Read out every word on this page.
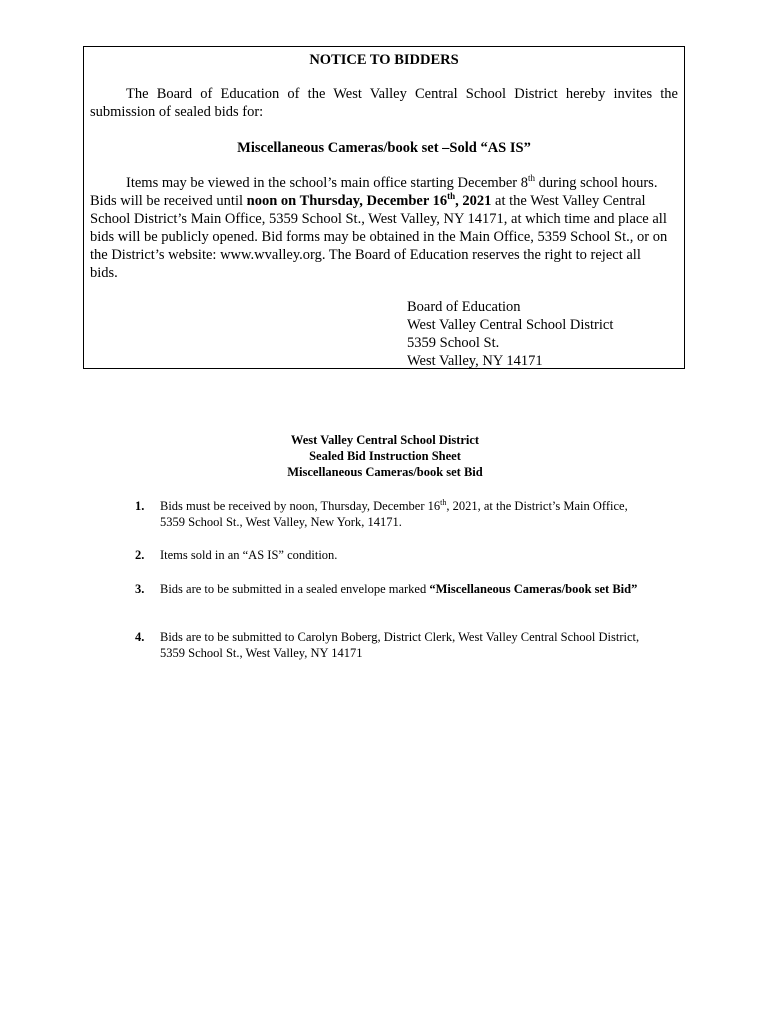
NOTICE TO BIDDERS
The Board of Education of the West Valley Central School District hereby invites the
submission of sealed bids for:
Miscellaneous Cameras/book set –Sold “AS IS”

Items may be viewed in the school’s main office starting December 8th during school hours. Bids will be received until noon on Thursday, December 16th, 2021 at the West Valley Central School District’s Main Office, 5359 School St., West Valley, NY 14171, at which time and place all bids will be publicly opened. Bid forms may be obtained in the Main Office, 5359 School St., or on the District’s website: www.wvalley.org. The Board of Education reserves the right to reject all bids.

Board of Education
West Valley Central School District
5359 School St.
West Valley, NY 14171
West Valley Central School District
Sealed Bid Instruction Sheet
Miscellaneous Cameras/book set Bid
1. Bids must be received by noon, Thursday, December 16th, 2021, at the District’s Main Office, 5359 School St., West Valley, New York, 14171.
2. Items sold in an “AS IS” condition.
3. Bids are to be submitted in a sealed envelope marked “Miscellaneous Cameras/book set Bid”
4. Bids are to be submitted to Carolyn Boberg, District Clerk, West Valley Central School District, 5359 School St., West Valley, NY 14171
